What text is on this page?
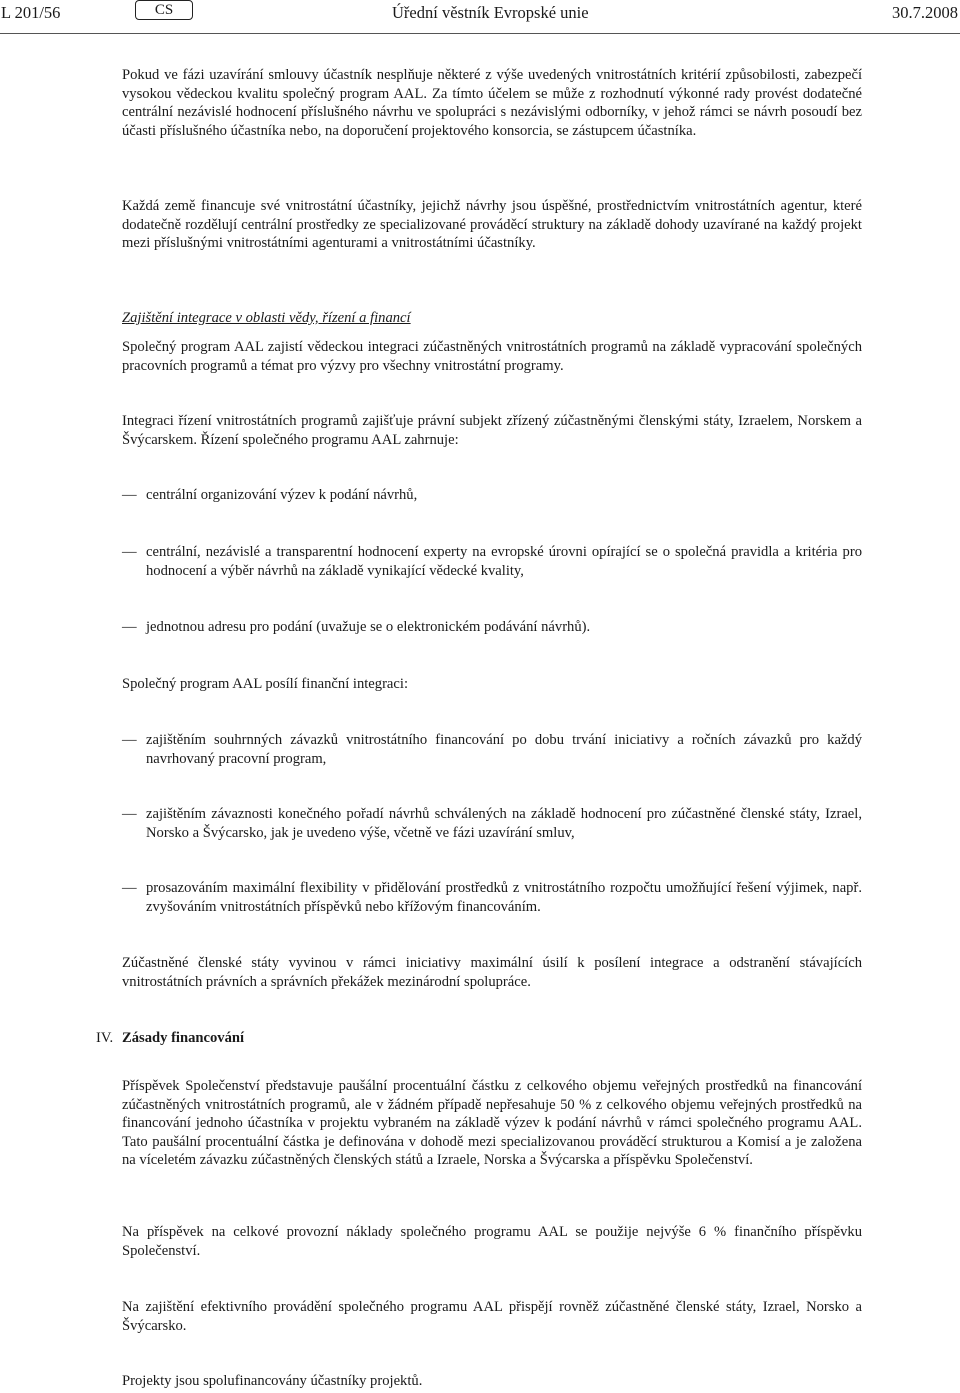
L 201/56	CS	Úřední věstník Evropské unie	30.7.2008

Pokud ve fázi uzavírání smlouvy účastník nesplňuje některé z výše uvedených vnitrostátních kritérií způsobilosti, zabezpečí vysokou vědeckou kvalitu společný program AAL. Za tímto účelem se může z rozhodnutí výkonné rady provést dodatečné centrální nezávislé hodnocení příslušného návrhu ve spolupráci s nezávislými odborníky, v jehož rámci se návrh posoudí bez účasti příslušného účastníka nebo, na doporučení projektového konsorcia, se zástupcem účastníka.

Každá země financuje své vnitrostátní účastníky, jejichž návrhy jsou úspěšné, prostřednictvím vnitrostátních agentur, které dodatečně rozdělují centrální prostředky ze specializované prováděcí struktury na základě dohody uzavírané na každý projekt mezi příslušnými vnitrostátními agenturami a vnitrostátními účastníky.

Zajištění integrace v oblasti vědy, řízení a financí

Společný program AAL zajistí vědeckou integraci zúčastněných vnitrostátních programů na základě vypracování společných pracovních programů a témat pro výzvy pro všechny vnitrostátní programy.

Integraci řízení vnitrostátních programů zajišťuje právní subjekt zřízený zúčastněnými členskými státy, Izraelem, Norskem a Švýcarskem. Řízení společného programu AAL zahrnuje:

— centrální organizování výzev k podání návrhů,
— centrální, nezávislé a transparentní hodnocení experty na evropské úrovni opírající se o společná pravidla a kritéria pro hodnocení a výběr návrhů na základě vynikající vědecké kvality,
— jednotnou adresu pro podání (uvažuje se o elektronickém podávání návrhů).

Společný program AAL posílí finanční integraci:

— zajištěním souhrnných závazků vnitrostátního financování po dobu trvání iniciativy a ročních závazků pro každý navrhovaný pracovní program,
— zajištěním závaznosti konečného pořadí návrhů schválených na základě hodnocení pro zúčastněné členské státy, Izrael, Norsko a Švýcarsko, jak je uvedeno výše, včetně ve fázi uzavírání smluv,
— prosazováním maximální flexibility v přidělování prostředků z vnitrostátního rozpočtu umožňující řešení výjimek, např. zvyšováním vnitrostátních příspěvků nebo křížovým financováním.

Zúčastněné členské státy vyvinou v rámci iniciativy maximální úsilí k posílení integrace a odstranění stávajících vnitrostátních právních a správních překážek mezinárodní spolupráce.

IV. Zásady financování

Příspěvek Společenství představuje paušální procentuální částku z celkového objemu veřejných prostředků na financování zúčastněných vnitrostátních programů, ale v žádném případě nepřesahuje 50 % z celkového objemu veřejných prostředků na financování jednoho účastníka v projektu vybraném na základě výzev k podání návrhů v rámci společného programu AAL. Tato paušální procentuální částka je definována v dohodě mezi specializovanou prováděcí strukturou a Komisí a je založena na víceletém závazku zúčastněných členských států a Izraele, Norska a Švýcarska a příspěvku Společenství.

Na příspěvek na celkové provozní náklady společného programu AAL se použije nejvýše 6 % finančního příspěvku Společenství.

Na zajištění efektivního provádění společného programu AAL přispějí rovněž zúčastněné členské státy, Izrael, Norsko a Švýcarsko.

Projekty jsou spolufinancovány účastníky projektů.
